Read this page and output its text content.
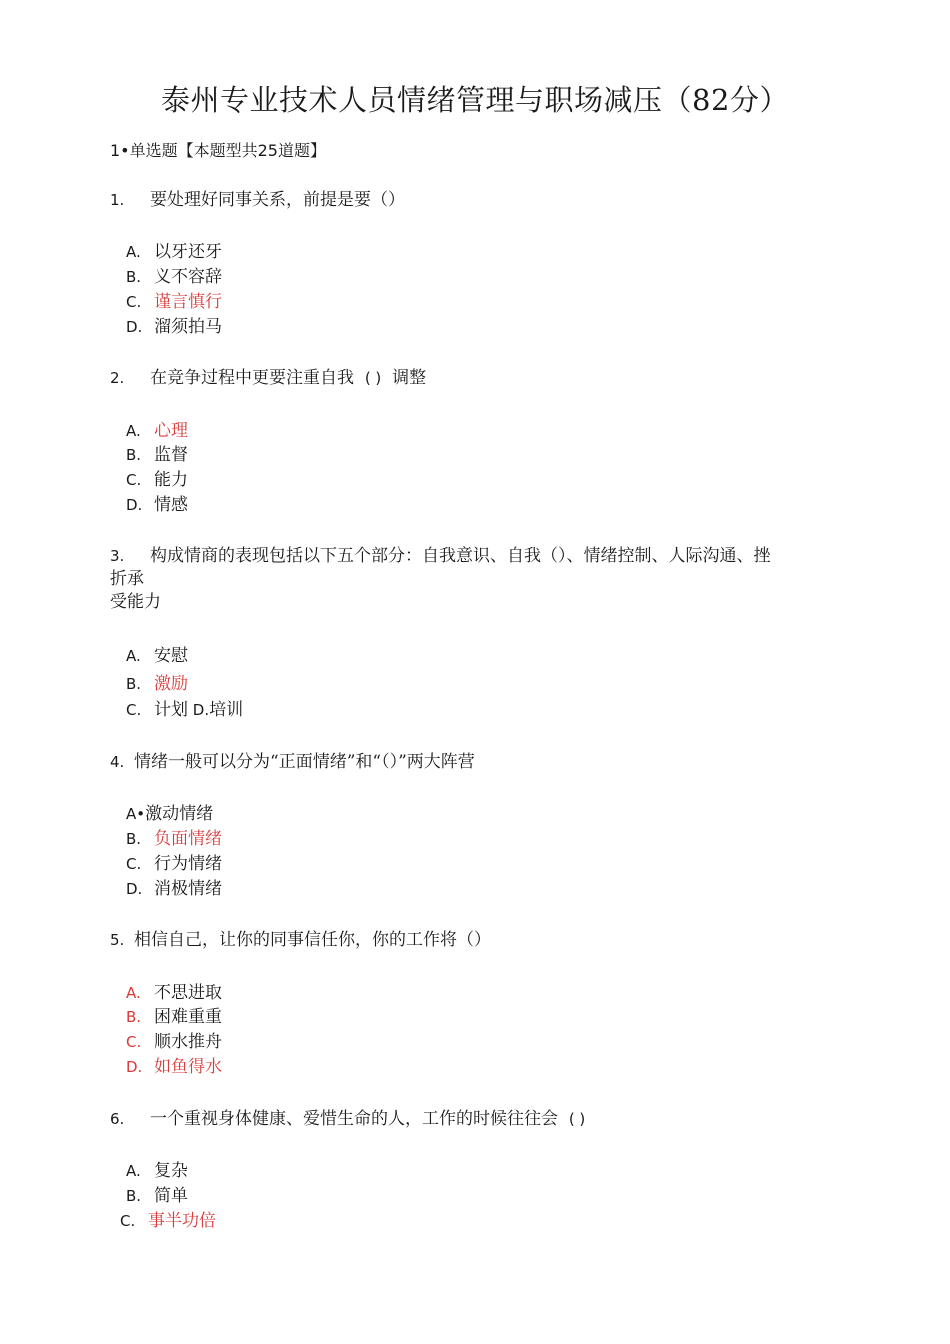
泰州专业技术人员情绪管理与职场减压（82分）
1•单选题【本题型共25道题】
1. 要处理好同事关系，前提是要（）
A. 以牙还牙
B. 义不容辞
C. 谨言慎行
D. 溜须拍马
2. 在竞争过程中更要注重自我 ( ) 调整
A. 心理
B. 监督
C. 能力
D. 情感
3. 构成情商的表现包括以下五个部分：自我意识、自我（）、情绪控制、人际沟通、挫
折承
受能力
A. 安慰
B. 激励
C. 计划 D.培训
4. 情绪一般可以分为“正面情绪”和“（）”两大阵营
A•激动情绪
B. 负面情绪
C. 行为情绪
D. 消极情绪
5. 相信自己，让你的同事信任你，你的工作将（）
A. 不思进取
B. 困难重重
C. 顺水推舟
D. 如鱼得水
6. 一个重视身体健康、爱惜生命的人，工作的时候往往会 ( )
A. 复杂
B. 简单
C. 事半功倍
